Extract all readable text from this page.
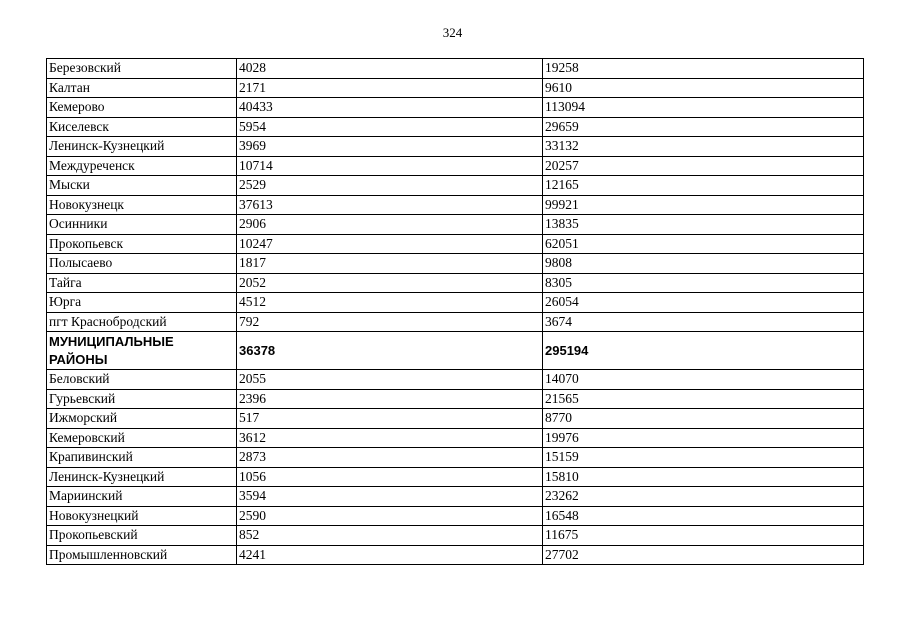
324
Березовский	4028	19258
Калтан	2171	9610
Кемерово	40433	113094
Киселевск	5954	29659
Ленинск-Кузнецкий	3969	33132
Междуреченск	10714	20257
Мыски	2529	12165
Новокузнецк	37613	99921
Осинники	2906	13835
Прокопьевск	10247	62051
Полысаево	1817	9808
Тайга	2052	8305
Юрга	4512	26054
пгт Краснобродский	792	3674
МУНИЦИПАЛЬНЫЕ РАЙОНЫ	36378	295194
Беловский	2055	14070
Гурьевский	2396	21565
Ижморский	517	8770
Кемеровский	3612	19976
Крапивинский	2873	15159
Ленинск-Кузнецкий	1056	15810
Мариинский	3594	23262
Новокузнецкий	2590	16548
Прокопьевский	852	11675
Промышленновский	4241	27702
